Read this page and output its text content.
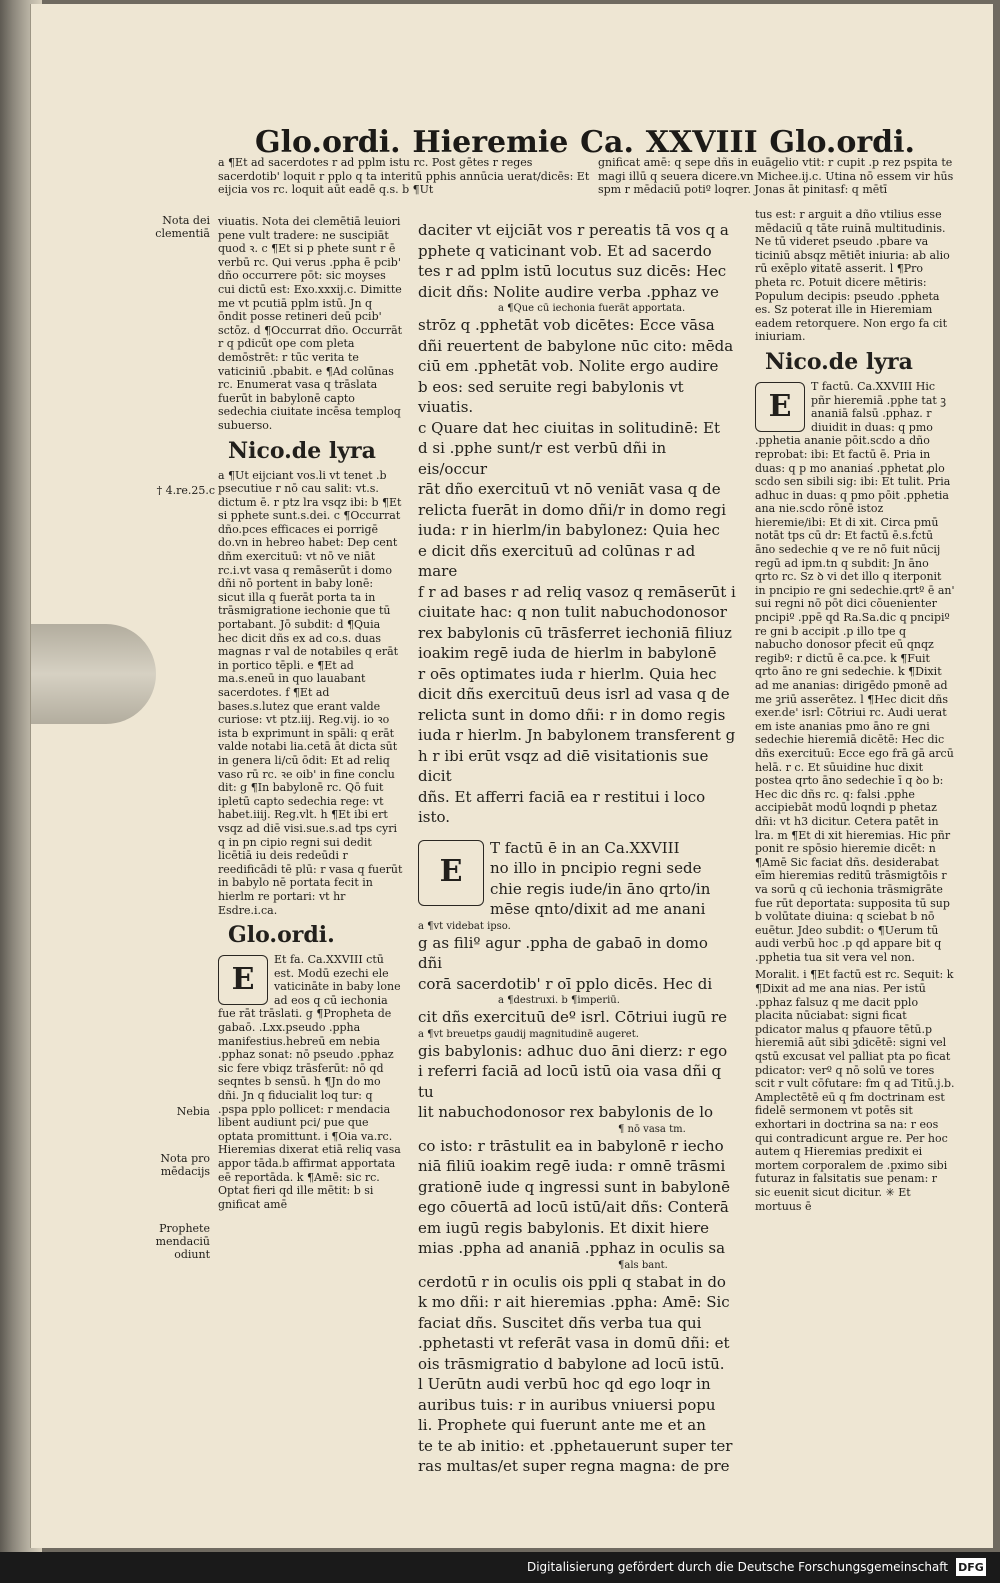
Glo.ordi. Hieremie Ca. XXVIII Glo.ordi.

a ¶Et ad sacerdotes r ad pplm istu rc. Post gētes r reges sacerdotib' loquit r pplo q ta interitū pphis annūcia uerat/dicēs: Et eijcia vos rc. loquit aūt eadē q.s. b ¶Ut

gnificat amē: q sepe dñs in euāgelio vtit: r cupit .p rez pspita te magi illū q seuera dicere.vn Michee.ij.c. Utina nō essem vir hūs spm r mēdaciū potiº loqrer. Jonas āt pinitasf: q mētī

viuatis. Nota dei clemētiā leuiori pene vult tradere: ne suscipiāt quod ꝛ. c ¶Et si p phete sunt r ē verbū rc. Qui verus .ppha ē pcib' dño occurrere pōt: sic moyses cui dictū est: Exo.xxxij.c. Dimitte me vt pcutiā pplm istū. Jn q ōndit posse retineri deū pcib' sctōz. d ¶Occurrat dño. Occurrāt r q pdicūt ope com pleta demōstrēt: r tūc verita te vaticiniū .pbabit. e ¶Ad colūnas rc. Enumerat vasa q trāslata fuerūt in babylonē capto sedechia ciuitate incēsa temploq subuerso.

Nico.de lyra

a ¶Ut eijciant vos.li vt tenet .b psecutiue r nō cau salit: vt.s. dictum ē. r ptz lra vsqz ibi: b ¶Et si pphete sunt.s.dei. c ¶Occurrat dño.pces efficaces ei porrigē do.vn in hebreo habet: Dep cent dñm exercituū: vt nō ve niāt rc.i.vt vasa q remāserūt i domo dñi nō portent in baby lonē: sicut illa q fuerāt porta ta in trāsmigratione iechonie que tū portabant. Jō subdit: d ¶Quia hec dicit dñs ex ad co.s. duas magnas r val de notabiles q erāt in portico tēpli. e ¶Et ad ma.s.eneū in quo lauabant sacerdotes. f ¶Et ad bases.s.lutez que erant valde curiose: vt ptz.iij. Reg.vij. io ꝛo ista b exprimunt in spāli: q erāt valde notabi lia.cetā āt dicta sūt in genera li/cū ōdit: Et ad reliq vaso rū rc. ꝛe oib' in fine conclu dit: g ¶In babylonē rc. Qō fuit ipletū capto sedechia rege: vt habet.iiij. Reg.vlt. h ¶Et ibi ert vsqz ad diē visi.sue.s.ad tps cyri q in pn cipio regni sui dedit licētiā iu deis redeūdi r reedificādi tē plū: r vasa q fuerūt in babylo nē portata fecit in hierlm re portari: vt hr Esdre.i.ca.

Glo.ordi.

E
Et fa. Ca.XXVIII ctū est. Modū ezechi ele vaticināte in baby lone ad eos q cū iechonia fue rāt trāslati. g ¶Propheta de gabaō. .Lxx.pseudo .ppha manifestius.hebreū em nebia .pphaz sonat: nō pseudo .pphaz sic fere vbiqz trāsferūt: nō qd seqntes b sensū. h ¶Jn do mo dñi. Jn q fiducialit loq tur: q .pspa pplo pollicet: r mendacia libent audiunt pci/ pue que optata promittunt. i ¶Oia va.rc. Hieremias dixerat etiā reliq vasa appor tāda.b affirmat apportata eē reportāda. k ¶Amē: sic rc. Optat fieri qd ille mētit: b si gnificat amē

Nota dei clementiā
† 4.re.25.c
Nebia
Nota pro mēdacijs
Prophete mendaciū odiunt

daciter vt eijciāt vos r pereatis tā vos q a

pphete q vaticinant vob. Et ad sacerdo

tes r ad pplm istū locutus suz dicēs: Hec

dicit dñs: Nolite audire verba .pphaz ve

a ¶Que cū iechonia fuerāt apportata.

strōz q .pphetāt vob dicētes: Ecce vāsa

dñi reuertent de babylone nūc cito: mēda

ciū em .pphetāt vob. Nolite ergo audire

b eos: sed seruite regi babylonis vt viuatis.

c Quare dat hec ciuitas in solitudinē: Et

d si .pphe sunt/r est verbū dñi in eis/occur

rāt dño exercituū vt nō veniāt vasa q de

relicta fuerāt in domo dñi/r in domo regi

iuda: r in hierlm/in babylonez: Quia hec

e dicit dñs exercituū ad colūnas r ad mare

f r ad bases r ad reliq vasoz q remāserūt i

ciuitate hac: q non tulit nabuchodonosor

rex babylonis cū trāsferret iechoniā filiuz

ioakim regē iuda de hierlm in babylonē

r oēs optimates iuda r hierlm. Quia hec

dicit dñs exercituū deus isrl ad vasa q de

relicta sunt in domo dñi: r in domo regis

iuda r hierlm. Jn babylonem transferent g

h r ibi erūt vsqz ad diē visitationis sue dicit

dñs. Et afferri faciā ea r restitui i loco isto.

E

T factū ē in an Ca.XXVIII

no illo in pncipio regni sede

chie regis iude/in āno qrto/in

mēse qnto/dixit ad me anani

a ¶vt videbat ipso.

g as filiº agur .ppha de gabaō in domo dñi

corā sacerdotib' r oī pplo dicēs. Hec di

a ¶destruxi. b ¶imperiū.

cit dñs exercituū deº isrl. Cōtriui iugū re

a ¶vt breuetps gaudij magnitudinē augeret.

gis babylonis: adhuc duo āni dierz: r ego

i referri faciā ad locū istū oia vasa dñi q tu

lit nabuchodonosor rex babylonis de lo

¶ nō vasa tm.

co isto: r trāstulit ea in babylonē r iecho

niā filiū ioakim regē iuda: r omnē trāsmi

grationē iude q ingressi sunt in babylonē

ego cōuertā ad locū istū/ait dñs: Conterā

em iugū regis babylonis. Et dixit hiere

mias .ppha ad ananiā .pphaz in oculis sa

¶als bant.

cerdotū r in oculis ois ppli q stabat in do

k mo dñi: r ait hieremias .ppha: Amē: Sic

faciat dñs. Suscitet dñs verba tua qui

.pphetasti vt referāt vasa in domū dñi: et

ois trāsmigratio d babylone ad locū istū.

l Uerūtn audi verbū hoc qd ego loqr in

auribus tuis: r in auribus vniuersi popu

li. Prophete qui fuerunt ante me et an

te te ab initio: et .pphetauerunt super ter

ras multas/et super regna magna: de pre

tus est: r arguit a dño vtilius esse mēdaciū q tāte ruinā multitudinis. Ne tū videret pseudo .pbare va ticiniū absqz mētiēt iniuria: ab alio rū exēplo ꝟitatē asserit. l ¶Pro pheta rc. Potuit dicere mētiris: Populum decipis: pseudo .ppheta es. Sz poterat ille in Hieremiam eadem retorquere. Non ergo fa cit iniuriam.

Nico.de lyra

E
T factū. Ca.XXVIII Hic pñr hieremiā .pphe tat ꝫ ananiā falsū .pphaz. r diuidit in duas: q pmo .pphetia ananie pōit.scdo a dño reprobat: ibi: Et factū ē. Pria in duas: q p mo ananiaś .pphetat ꝓlo scdo sen sibili sig: ibi: Et tulit. Pria adhuc in duas: q pmo pōit .pphetia ana nie.scdo rōnē istoz hieremie/ibi: Et di xit. Circa pmū notāt tps cū dr: Et factū ē.s.fctū āno sedechie q ve re nō fuit nūcij regū ad ipm.tn q subdit: Jn āno qrto rc. Sz ꝺ vi det illo q iterponit in pncipio re gni sedechie.qrtº ē an' sui regni nō pōt dici cōuenienter pncipiº .ppē qd Ra.Sa.dic q pncipiº re gni b accipit .p illo tpe q nabucho donosor pfecit eū qnqz regibº: r dictū ē ca.pce. k ¶Fuit qrto āno re gni sedechie. k ¶Dixit ad me ananias: dirigēdo pmonē ad me ꝫriū asserētez. l ¶Hec dicit dñs exer.de' isrl: Cōtriui rc. Audi uerat em iste ananias pmo āno re gni sedechie hieremiā dicētē: Hec dic dñs exercituū: Ecce ego frā gā arcū helā. r c. Et sūuidine huc dixit postea qrto āno sedechie ī q ꝺo b: Hec dic dñs rc. q: falsi .pphe accipiebāt modū loqndi p phetaz dñi: vt h3 dicitur. Cetera patēt in lra. m ¶Et di xit hieremias. Hic pñr ponit re spōsio hieremie dicēt: n ¶Amē Sic faciat dñs. desiderabat eīm hieremias reditū trāsmigtōis r va sorū q cū iechonia trāsmigrāte fue rūt deportata: supposita tū sup b volūtate diuina: q sciebat b nō euētur. Jdeo subdit: o ¶Uerum tū audi verbū hoc .p qd appare bit q .pphetia tua sit vera vel non.

Moralit. i ¶Et factū est rc. Sequit: k ¶Dixit ad me ana nias. Per istū .pphaz falsuz q me dacit pplo placita nūciabat: signi ficat pdicator malus q pfauore tētū.p hieremiā aūt sibi ꝫdicētē: signi vel qstū excusat vel palliat pta po ficat pdicator: verº q nō solū ve tores scit r vult cōfutare: fm q ad Titū.j.b. Amplectētē eū q fm doctrinam est fidelē sermonem vt potēs sit exhortari in doctrina sa na: r eos qui contradicunt argue re. Per hoc autem q Hieremias predixit ei mortem corporalem de .pximo sibi futuraz in falsitatis sue penam: r sic euenit sicut dicitur. ✳ Et mortuus ē

Digitalisierung gefördert durch die Deutsche Forschungsgemeinschaft DFG
